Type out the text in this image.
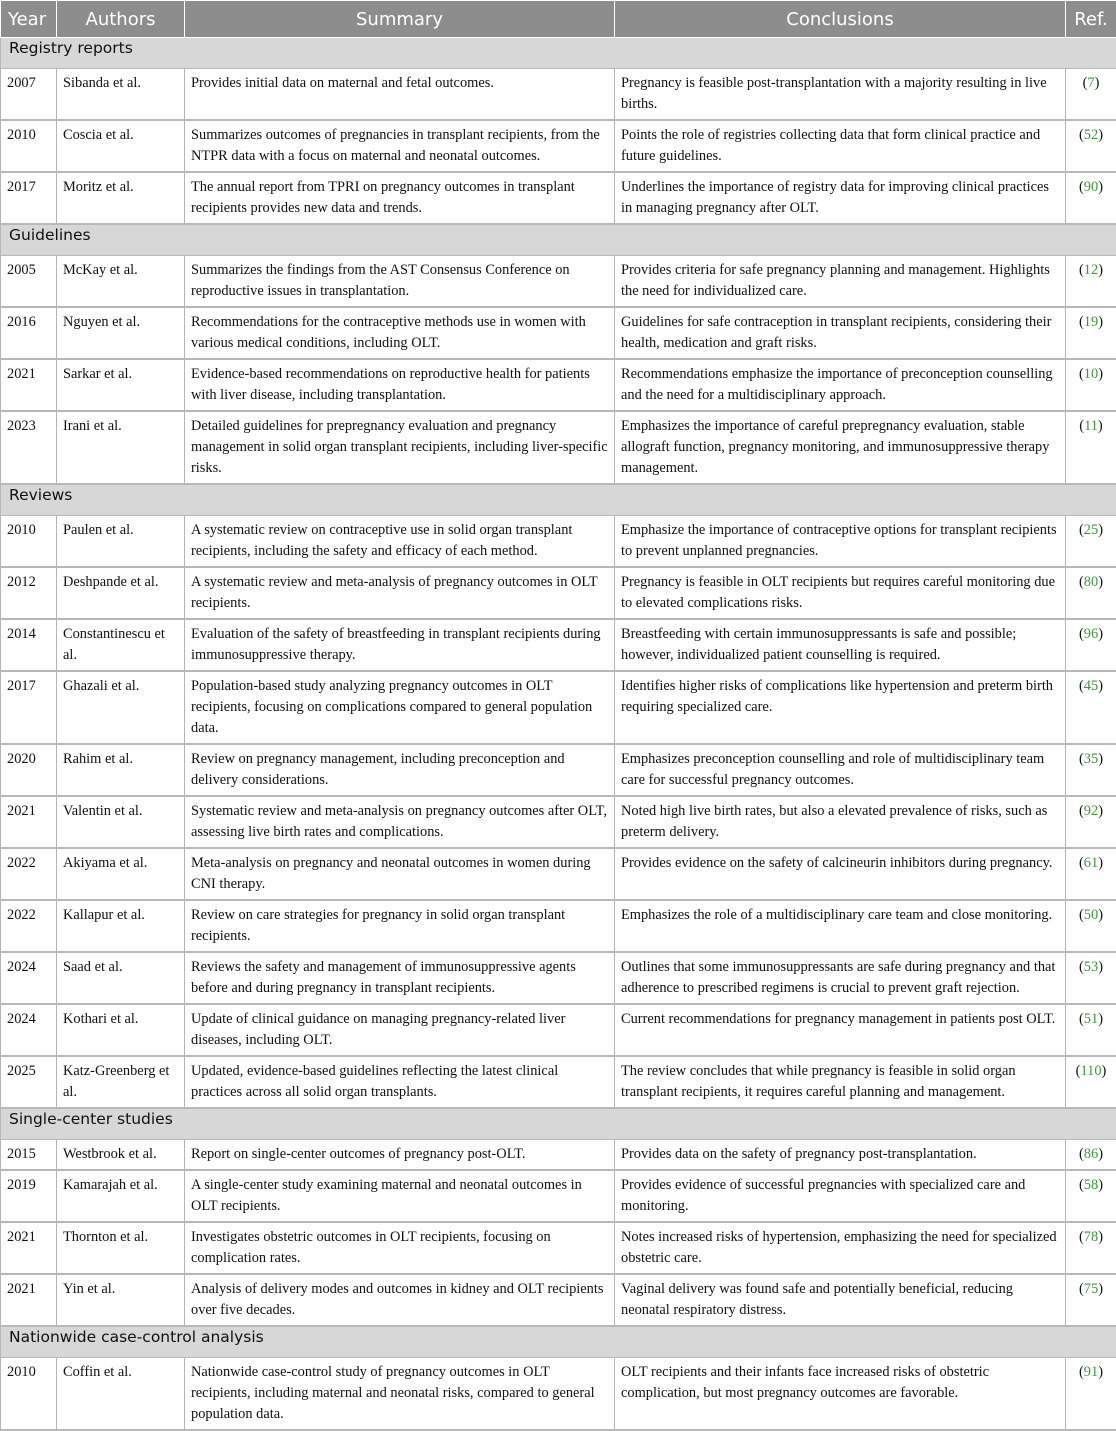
Year	Authors	Summary	Conclusions	Ref.
Registry reports				
2007	Sibanda et al.	Provides initial data on maternal and fetal outcomes.	Pregnancy is feasible post-transplantation with a majority resulting in live births.	(7)
2010	Coscia et al.	Summarizes outcomes of pregnancies in transplant recipients, from the NTPR data with a focus on maternal and neonatal outcomes.	Points the role of registries collecting data that form clinical practice and future guidelines.	(52)
2017	Moritz et al.	The annual report from TPRI on pregnancy outcomes in transplant recipients provides new data and trends.	Underlines the importance of registry data for improving clinical practices in managing pregnancy after OLT.	(90)
Guidelines				
2005	McKay et al.	Summarizes the findings from the AST Consensus Conference on reproductive issues in transplantation.	Provides criteria for safe pregnancy planning and management. Highlights the need for individualized care.	(12)
2016	Nguyen et al.	Recommendations for the contraceptive methods use in women with various medical conditions, including OLT.	Guidelines for safe contraception in transplant recipients, considering their health, medication and graft risks.	(19)
2021	Sarkar et al.	Evidence-based recommendations on reproductive health for patients with liver disease, including transplantation.	Recommendations emphasize the importance of preconception counselling and the need for a multidisciplinary approach.	(10)
2023	Irani et al.	Detailed guidelines for prepregnancy evaluation and pregnancy management in solid organ transplant recipients, including liver-specific risks.	Emphasizes the importance of careful prepregnancy evaluation, stable allograft function, pregnancy monitoring, and immunosuppressive therapy management.	(11)
Reviews				
2010	Paulen et al.	A systematic review on contraceptive use in solid organ transplant recipients, including the safety and efficacy of each method.	Emphasize the importance of contraceptive options for transplant recipients to prevent unplanned pregnancies.	(25)
2012	Deshpande et al.	A systematic review and meta-analysis of pregnancy outcomes in OLT recipients.	Pregnancy is feasible in OLT recipients but requires careful monitoring due to elevated complications risks.	(80)
2014	Constantinescu et al.	Evaluation of the safety of breastfeeding in transplant recipients during immunosuppressive therapy.	Breastfeeding with certain immunosuppressants is safe and possible; however, individualized patient counselling is required.	(96)
2017	Ghazali et al.	Population-based study analyzing pregnancy outcomes in OLT recipients, focusing on complications compared to general population data.	Identifies higher risks of complications like hypertension and preterm birth requiring specialized care.	(45)
2020	Rahim et al.	Review on pregnancy management, including preconception and delivery considerations.	Emphasizes preconception counselling and role of multidisciplinary team care for successful pregnancy outcomes.	(35)
2021	Valentin et al.	Systematic review and meta-analysis on pregnancy outcomes after OLT, assessing live birth rates and complications.	Noted high live birth rates, but also a elevated prevalence of risks, such as preterm delivery.	(92)
2022	Akiyama et al.	Meta-analysis on pregnancy and neonatal outcomes in women during CNI therapy.	Provides evidence on the safety of calcineurin inhibitors during pregnancy.	(61)
2022	Kallapur et al.	Review on care strategies for pregnancy in solid organ transplant recipients.	Emphasizes the role of a multidisciplinary care team and close monitoring.	(50)
2024	Saad et al.	Reviews the safety and management of immunosuppressive agents before and during pregnancy in transplant recipients.	Outlines that some immunosuppressants are safe during pregnancy and that adherence to prescribed regimens is crucial to prevent graft rejection.	(53)
2024	Kothari et al.	Update of clinical guidance on managing pregnancy-related liver diseases, including OLT.	Current recommendations for pregnancy management in patients post OLT.	(51)
2025	Katz-Greenberg et al.	Updated, evidence-based guidelines reflecting the latest clinical practices across all solid organ transplants.	The review concludes that while pregnancy is feasible in solid organ transplant recipients, it requires careful planning and management.	(110)
Single-center studies				
2015	Westbrook et al.	Report on single-center outcomes of pregnancy post-OLT.	Provides data on the safety of pregnancy post-transplantation.	(86)
2019	Kamarajah et al.	A single-center study examining maternal and neonatal outcomes in OLT recipients.	Provides evidence of successful pregnancies with specialized care and monitoring.	(58)
2021	Thornton et al.	Investigates obstetric outcomes in OLT recipients, focusing on complication rates.	Notes increased risks of hypertension, emphasizing the need for specialized obstetric care.	(78)
2021	Yin et al.	Analysis of delivery modes and outcomes in kidney and OLT recipients over five decades.	Vaginal delivery was found safe and potentially beneficial, reducing neonatal respiratory distress.	(75)
Nationwide case-control analysis				
2010	Coffin et al.	Nationwide case-control study of pregnancy outcomes in OLT recipients, including maternal and neonatal risks, compared to general population data.	OLT recipients and their infants face increased risks of obstetric complication, but most pregnancy outcomes are favorable.	(91)
